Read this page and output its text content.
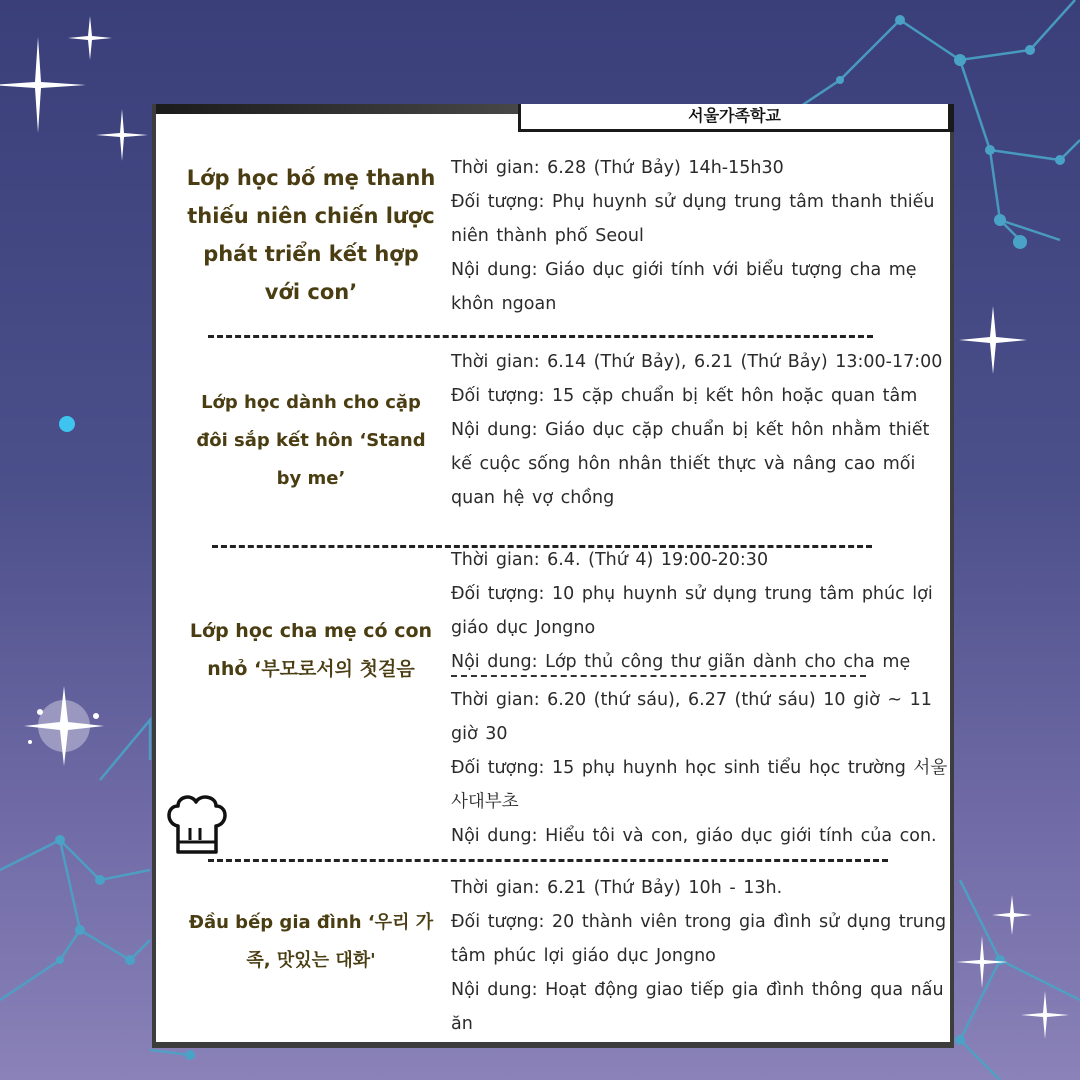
서울가족학교
Lớp học bố mẹ thanh thiếu niên chiến lược phát triển kết hợp với con’
Thời gian: 6.28 (Thứ Bảy) 14h-15h30
Đối tượng: Phụ huynh sử dụng trung tâm thanh thiếu niên thành phố Seoul
Nội dung: Giáo dục giới tính với biểu tượng cha mẹ khôn ngoan
Lớp học dành cho cặp đôi sắp kết hôn ‘Stand by me’
Thời gian: 6.14 (Thứ Bảy), 6.21 (Thứ Bảy) 13:00-17:00
Đối tượng: 15 cặp chuẩn bị kết hôn hoặc quan tâm
Nội dung: Giáo dục cặp chuẩn bị kết hôn nhằm thiết kế cuộc sống hôn nhân thiết thực và nâng cao mối quan hệ vợ chồng
Lớp học cha mẹ có con nhỏ ‘부모로서의 첫걸음
Thời gian: 6.4. (Thứ 4) 19:00-20:30
Đối tượng: 10 phụ huynh sử dụng trung tâm phúc lợi giáo dục Jongno
Nội dung: Lớp thủ công thư giãn dành cho cha mẹ
Thời gian: 6.20 (thứ sáu), 6.27 (thứ sáu) 10 giờ ~ 11 giờ 30
Đối tượng: 15 phụ huynh học sinh tiểu học trường 서울사대부초
Nội dung: Hiểu tôi và con, giáo dục giới tính của con.
Đầu bếp gia đình ‘우리 가족, 맛있는 대화'
Thời gian: 6.21 (Thứ Bảy) 10h - 13h.
Đối tượng: 20 thành viên trong gia đình sử dụng trung tâm phúc lợi giáo dục Jongno
Nội dung: Hoạt động giao tiếp gia đình thông qua nấu ăn
